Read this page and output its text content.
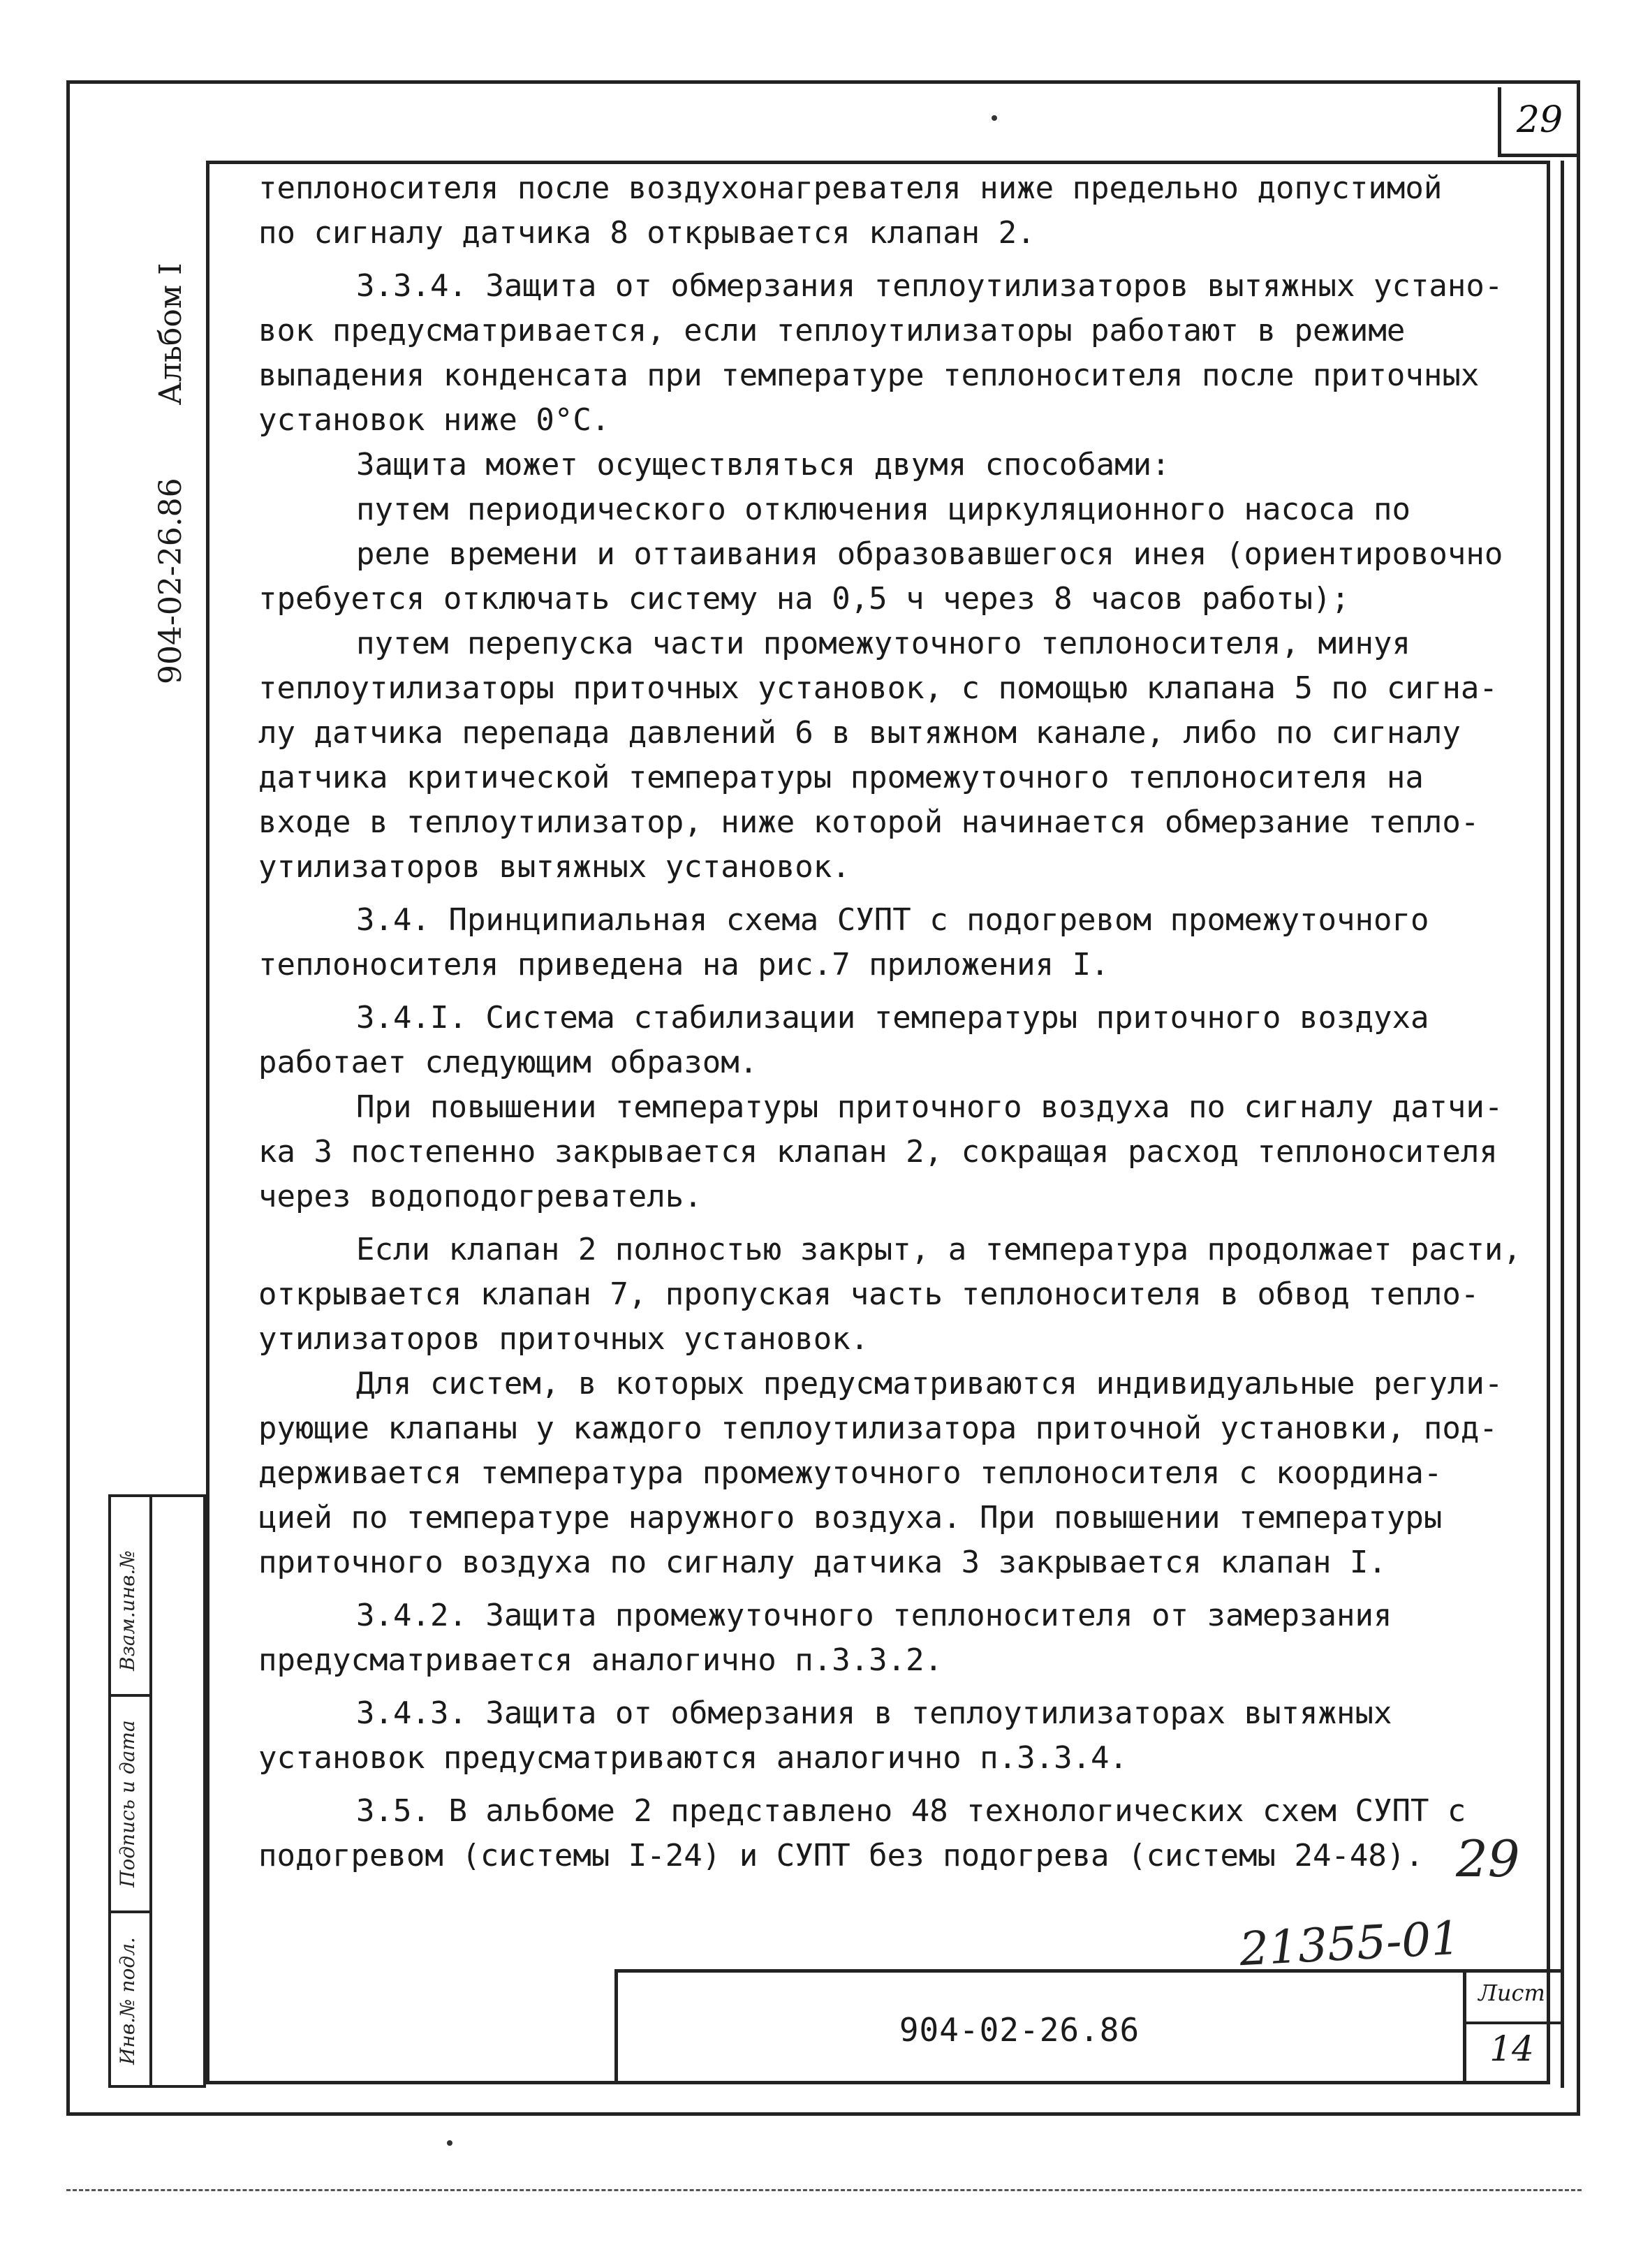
29
904-02-26.86 Альбом I
Взам.инв.№
Подпись и дата
Инв.№ подл.

теплоносителя после воздухонагревателя ниже предельно допустимой

по сигналу датчика 8 открывается клапан 2.

3.3.4. Защита от обмерзания теплоутилизаторов вытяжных устано-

вок предусматривается, если теплоутилизаторы работают в режиме

выпадения конденсата при температуре теплоносителя после приточных

установок ниже 0°С.

Защита может осуществляться двумя способами:

путем периодического отключения циркуляционного насоса по

реле времени и оттаивания образовавшегося инея (ориентировочно

требуется отключать систему на 0,5 ч через 8 часов работы);

путем перепуска части промежуточного теплоносителя, минуя

теплоутилизаторы приточных установок, с помощью клапана 5 по сигна-

лу датчика перепада давлений 6 в вытяжном канале, либо по сигналу

датчика критической температуры промежуточного теплоносителя на

входе в теплоутилизатор, ниже которой начинается обмерзание тепло-

утилизаторов вытяжных установок.

3.4. Принципиальная схема СУПТ с подогревом промежуточного

теплоносителя приведена на рис.7 приложения I.

3.4.I. Система стабилизации температуры приточного воздуха

работает следующим образом.

При повышении температуры приточного воздуха по сигналу датчи-

ка 3 постепенно закрывается клапан 2, сокращая расход теплоносителя

через водоподогреватель.

Если клапан 2 полностью закрыт, а температура продолжает расти,

открывается клапан 7, пропуская часть теплоносителя в обвод тепло-

утилизаторов приточных установок.

Для систем, в которых предусматриваются индивидуальные регули-

рующие клапаны у каждого теплоутилизатора приточной установки, под-

держивается температура промежуточного теплоносителя с координа-

цией по температуре наружного воздуха. При повышении температуры

приточного воздуха по сигналу датчика 3 закрывается клапан I.

3.4.2. Защита промежуточного теплоносителя от замерзания

предусматривается аналогично п.3.3.2.

3.4.3. Защита от обмерзания в теплоутилизаторах вытяжных

установок предусматриваются аналогично п.3.3.4.

3.5. В альбоме 2 представлено 48 технологических схем СУПТ с

подогревом (системы I-24) и СУПТ без подогрева (системы 24-48). 29
21355-01
904-02-26.86
Лист
14
